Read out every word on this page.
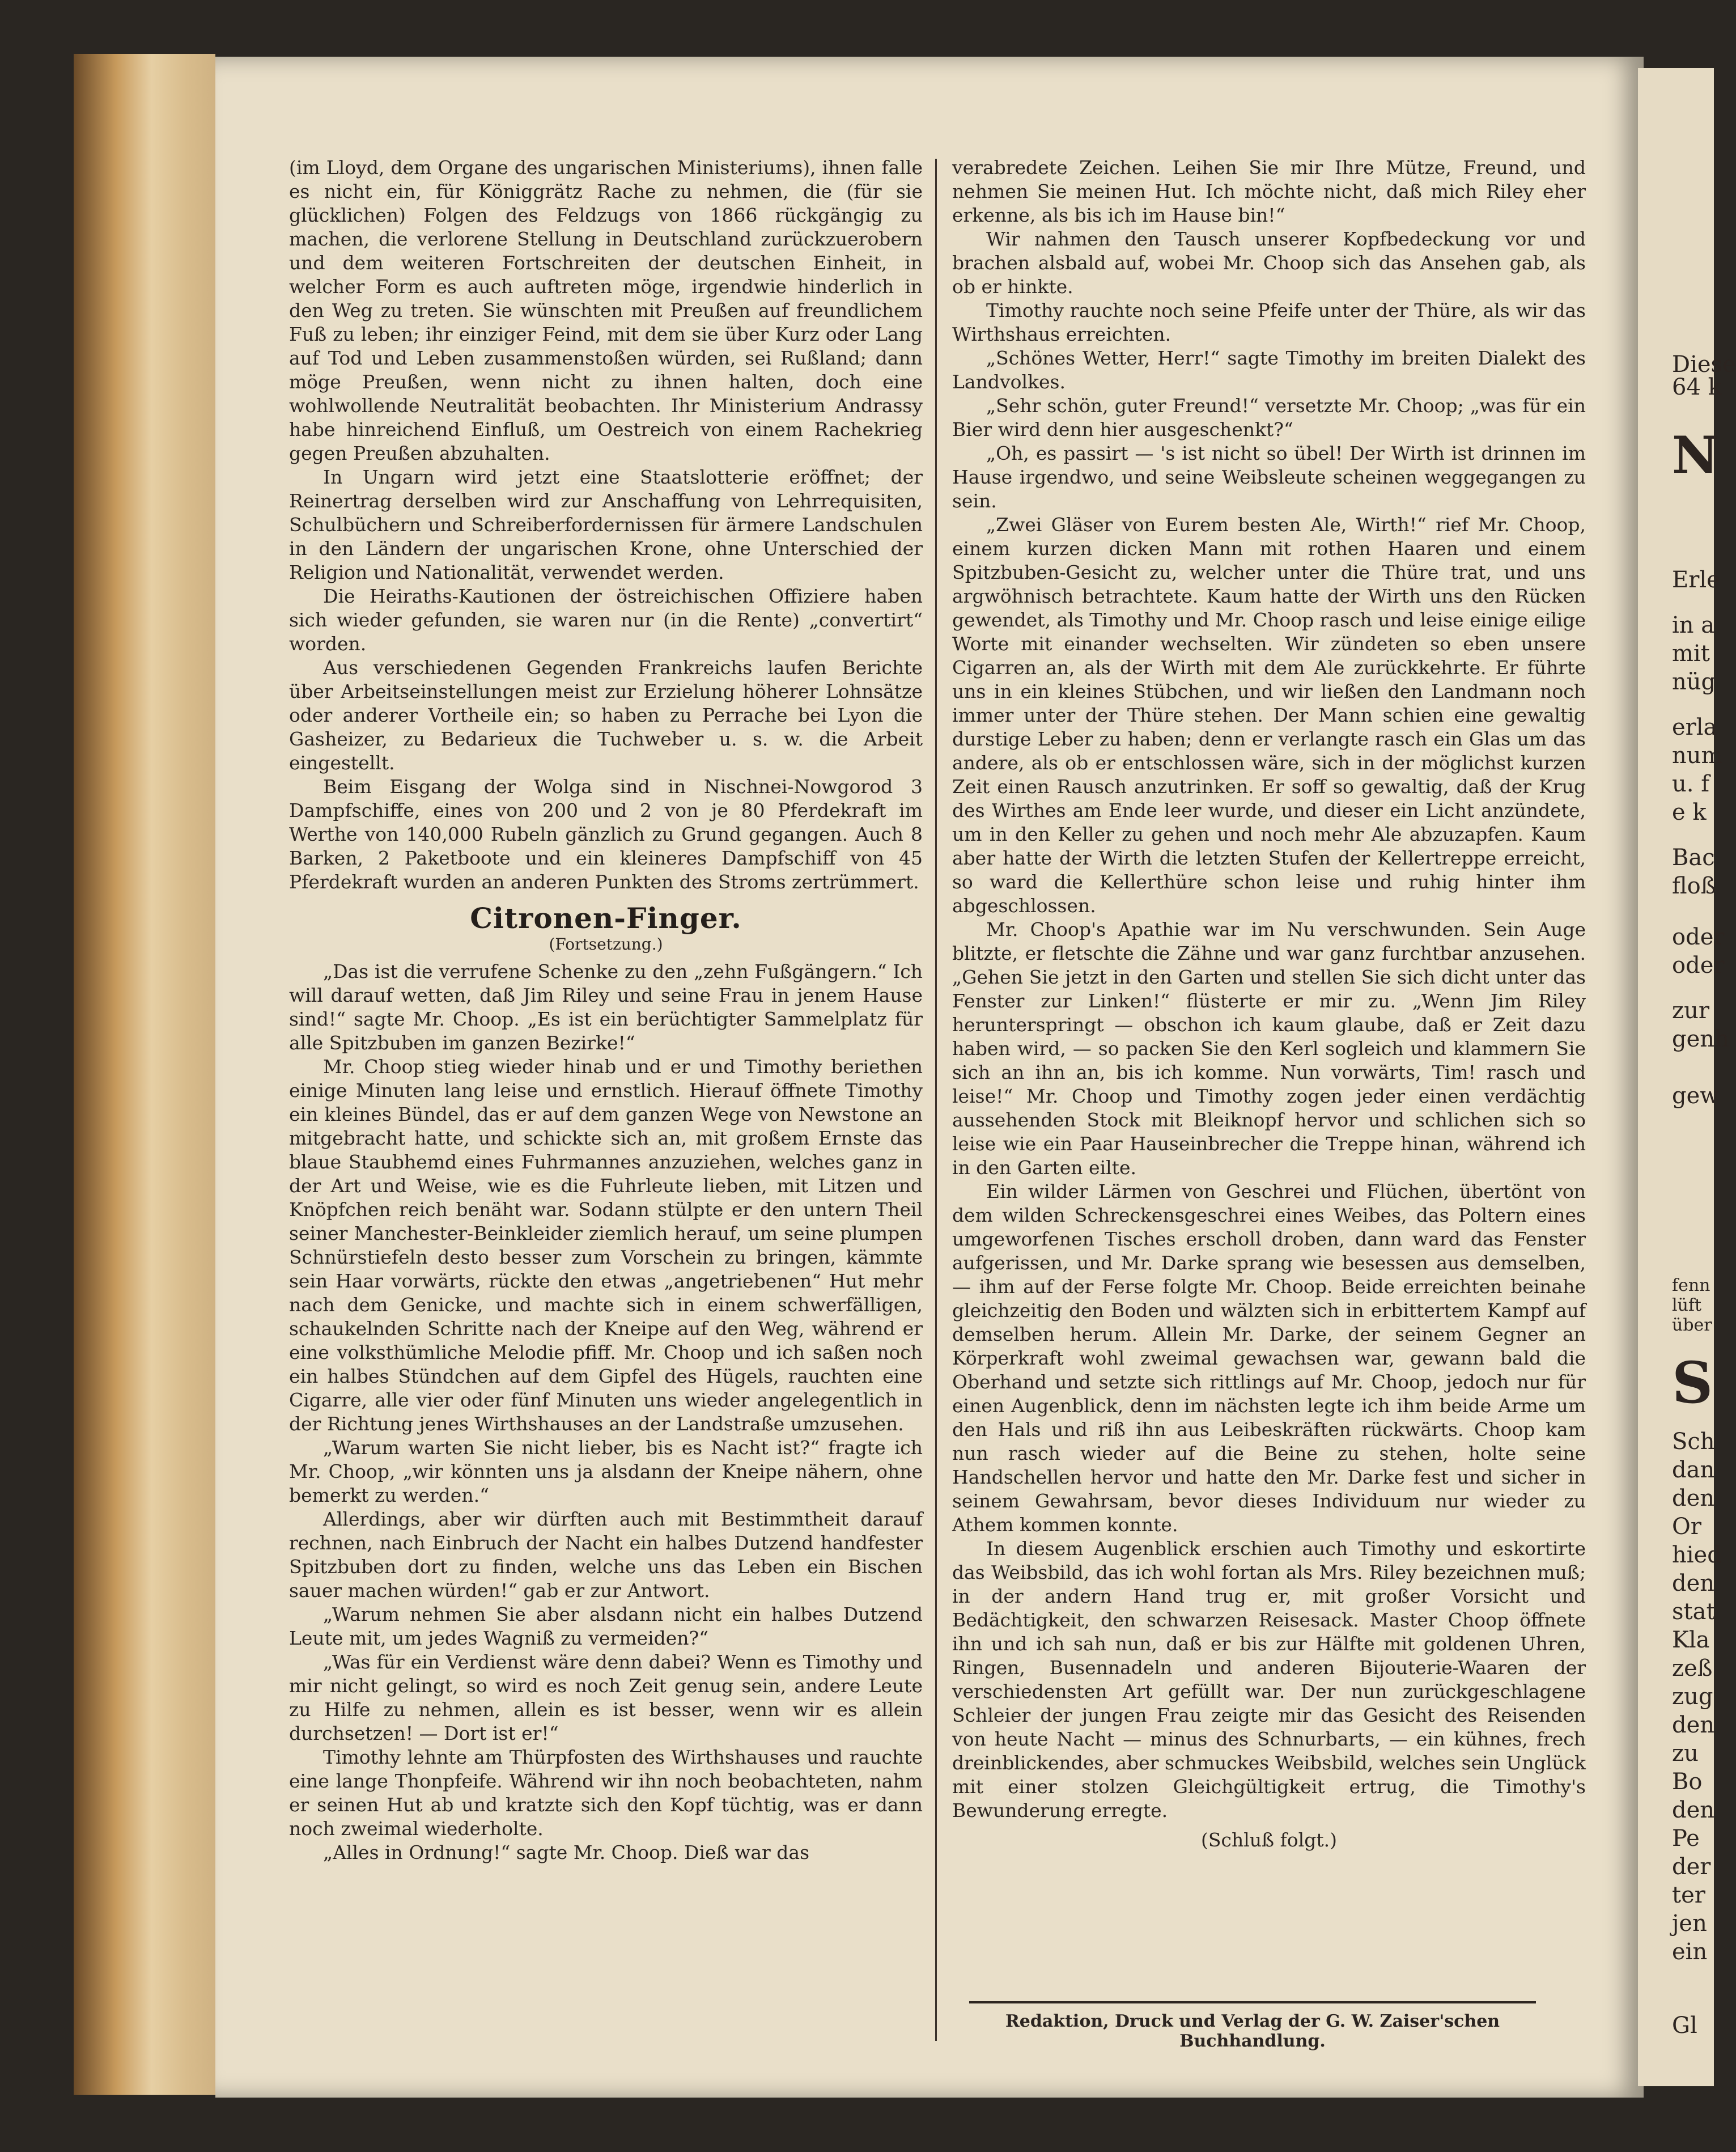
(im Lloyd, dem Organe des ungarischen Ministeriums), ihnen falle es nicht ein, für Königgrätz Rache zu nehmen, die (für sie glücklichen) Folgen des Feldzugs von 1866 rückgängig zu machen, die verlorene Stellung in Deutschland zurückzuerobern und dem weiteren Fortschreiten der deutschen Einheit, in welcher Form es auch auftreten möge, irgendwie hinderlich in den Weg zu treten. Sie wünschten mit Preußen auf freundlichem Fuß zu leben; ihr einziger Feind, mit dem sie über Kurz oder Lang auf Tod und Leben zusammenstoßen würden, sei Rußland; dann möge Preußen, wenn nicht zu ihnen halten, doch eine wohlwollende Neutralität beobachten. Ihr Ministerium Andrassy habe hinreichend Einfluß, um Oestreich von einem Rachekrieg gegen Preußen abzuhalten.

In Ungarn wird jetzt eine Staatslotterie eröffnet; der Reinertrag derselben wird zur Anschaffung von Lehrrequisiten, Schulbüchern und Schreiberfordernissen für ärmere Landschulen in den Ländern der ungarischen Krone, ohne Unterschied der Religion und Nationalität, verwendet werden.

Die Heiraths-Kautionen der östreichischen Offiziere haben sich wieder gefunden, sie waren nur (in die Rente) „convertirt“ worden.

Aus verschiedenen Gegenden Frankreichs laufen Berichte über Arbeitseinstellungen meist zur Erzielung höherer Lohnsätze oder anderer Vortheile ein; so haben zu Perrache bei Lyon die Gasheizer, zu Bedarieux die Tuchweber u. s. w. die Arbeit eingestellt.

Beim Eisgang der Wolga sind in Nischnei-Nowgorod 3 Dampfschiffe, eines von 200 und 2 von je 80 Pferdekraft im Werthe von 140,000 Rubeln gänzlich zu Grund gegangen. Auch 8 Barken, 2 Paketboote und ein kleineres Dampfschiff von 45 Pferdekraft wurden an anderen Punkten des Stroms zertrümmert.

Citronen-Finger.
(Fortsetzung.)

„Das ist die verrufene Schenke zu den „zehn Fußgängern.“ Ich will darauf wetten, daß Jim Riley und seine Frau in jenem Hause sind!“ sagte Mr. Choop. „Es ist ein berüchtigter Sammelplatz für alle Spitzbuben im ganzen Bezirke!“

Mr. Choop stieg wieder hinab und er und Timothy beriethen einige Minuten lang leise und ernstlich. Hierauf öffnete Timothy ein kleines Bündel, das er auf dem ganzen Wege von Newstone an mitgebracht hatte, und schickte sich an, mit großem Ernste das blaue Staubhemd eines Fuhrmannes anzuziehen, welches ganz in der Art und Weise, wie es die Fuhrleute lieben, mit Litzen und Knöpfchen reich benäht war. Sodann stülpte er den untern Theil seiner Manchester-Beinkleider ziemlich herauf, um seine plumpen Schnürstiefeln desto besser zum Vorschein zu bringen, kämmte sein Haar vorwärts, rückte den etwas „angetriebenen“ Hut mehr nach dem Genicke, und machte sich in einem schwerfälligen, schaukelnden Schritte nach der Kneipe auf den Weg, während er eine volksthümliche Melodie pfiff. Mr. Choop und ich saßen noch ein halbes Stündchen auf dem Gipfel des Hügels, rauchten eine Cigarre, alle vier oder fünf Minuten uns wieder angelegentlich in der Richtung jenes Wirthshauses an der Landstraße umzusehen.

„Warum warten Sie nicht lieber, bis es Nacht ist?“ fragte ich Mr. Choop, „wir könnten uns ja alsdann der Kneipe nähern, ohne bemerkt zu werden.“

Allerdings, aber wir dürften auch mit Bestimmtheit darauf rechnen, nach Einbruch der Nacht ein halbes Dutzend handfester Spitzbuben dort zu finden, welche uns das Leben ein Bischen sauer machen würden!“ gab er zur Antwort.

„Warum nehmen Sie aber alsdann nicht ein halbes Dutzend Leute mit, um jedes Wagniß zu vermeiden?“

„Was für ein Verdienst wäre denn dabei? Wenn es Timothy und mir nicht gelingt, so wird es noch Zeit genug sein, andere Leute zu Hilfe zu nehmen, allein es ist besser, wenn wir es allein durchsetzen! — Dort ist er!“

Timothy lehnte am Thürpfosten des Wirthshauses und rauchte eine lange Thonpfeife. Während wir ihn noch beobachteten, nahm er seinen Hut ab und kratzte sich den Kopf tüchtig, was er dann noch zweimal wiederholte.

„Alles in Ordnung!“ sagte Mr. Choop. Dieß war das

verabredete Zeichen. Leihen Sie mir Ihre Mütze, Freund, und nehmen Sie meinen Hut. Ich möchte nicht, daß mich Riley eher erkenne, als bis ich im Hause bin!“

Wir nahmen den Tausch unserer Kopfbedeckung vor und brachen alsbald auf, wobei Mr. Choop sich das Ansehen gab, als ob er hinkte.

Timothy rauchte noch seine Pfeife unter der Thüre, als wir das Wirthshaus erreichten.

„Schönes Wetter, Herr!“ sagte Timothy im breiten Dialekt des Landvolkes.

„Sehr schön, guter Freund!“ versetzte Mr. Choop; „was für ein Bier wird denn hier ausgeschenkt?“

„Oh, es passirt — 's ist nicht so übel! Der Wirth ist drinnen im Hause irgendwo, und seine Weibsleute scheinen weggegangen zu sein.

„Zwei Gläser von Eurem besten Ale, Wirth!“ rief Mr. Choop, einem kurzen dicken Mann mit rothen Haaren und einem Spitzbuben-Gesicht zu, welcher unter die Thüre trat, und uns argwöhnisch betrachtete. Kaum hatte der Wirth uns den Rücken gewendet, als Timothy und Mr. Choop rasch und leise einige eilige Worte mit einander wechselten. Wir zündeten so eben unsere Cigarren an, als der Wirth mit dem Ale zurückkehrte. Er führte uns in ein kleines Stübchen, und wir ließen den Landmann noch immer unter der Thüre stehen. Der Mann schien eine gewaltig durstige Leber zu haben; denn er verlangte rasch ein Glas um das andere, als ob er entschlossen wäre, sich in der möglichst kurzen Zeit einen Rausch anzutrinken. Er soff so gewaltig, daß der Krug des Wirthes am Ende leer wurde, und dieser ein Licht anzündete, um in den Keller zu gehen und noch mehr Ale abzuzapfen. Kaum aber hatte der Wirth die letzten Stufen der Kellertreppe erreicht, so ward die Kellerthüre schon leise und ruhig hinter ihm abgeschlossen.

Mr. Choop's Apathie war im Nu verschwunden. Sein Auge blitzte, er fletschte die Zähne und war ganz furchtbar anzusehen. „Gehen Sie jetzt in den Garten und stellen Sie sich dicht unter das Fenster zur Linken!“ flüsterte er mir zu. „Wenn Jim Riley herunterspringt — obschon ich kaum glaube, daß er Zeit dazu haben wird, — so packen Sie den Kerl sogleich und klammern Sie sich an ihn an, bis ich komme. Nun vorwärts, Tim! rasch und leise!“ Mr. Choop und Timothy zogen jeder einen verdächtig aussehenden Stock mit Bleiknopf hervor und schlichen sich so leise wie ein Paar Hauseinbrecher die Treppe hinan, während ich in den Garten eilte.

Ein wilder Lärmen von Geschrei und Flüchen, übertönt von dem wilden Schreckensgeschrei eines Weibes, das Poltern eines umgeworfenen Tisches erscholl droben, dann ward das Fenster aufgerissen, und Mr. Darke sprang wie besessen aus demselben, — ihm auf der Ferse folgte Mr. Choop. Beide erreichten beinahe gleichzeitig den Boden und wälzten sich in erbittertem Kampf auf demselben herum. Allein Mr. Darke, der seinem Gegner an Körperkraft wohl zweimal gewachsen war, gewann bald die Oberhand und setzte sich rittlings auf Mr. Choop, jedoch nur für einen Augenblick, denn im nächsten legte ich ihm beide Arme um den Hals und riß ihn aus Leibeskräften rückwärts. Choop kam nun rasch wieder auf die Beine zu stehen, holte seine Handschellen hervor und hatte den Mr. Darke fest und sicher in seinem Gewahrsam, bevor dieses Individuum nur wieder zu Athem kommen konnte.

In diesem Augenblick erschien auch Timothy und eskortirte das Weibsbild, das ich wohl fortan als Mrs. Riley bezeichnen muß; in der andern Hand trug er, mit großer Vorsicht und Bedächtigkeit, den schwarzen Reisesack. Master Choop öffnete ihn und ich sah nun, daß er bis zur Hälfte mit goldenen Uhren, Ringen, Busennadeln und anderen Bijouterie-Waaren der verschiedensten Art gefüllt war. Der nun zurückgeschlagene Schleier der jungen Frau zeigte mir das Gesicht des Reisenden von heute Nacht — minus des Schnurbarts, — ein kühnes, frech dreinblickendes, aber schmuckes Weibsbild, welches sein Unglück mit einer stolzen Gleichgültigkeit ertrug, die Timothy's Bewunderung erregte.

(Schluß folgt.)
Redaktion, Druck und Verlag der G. W. Zaiser'schen Buchhandlung.

Diese

64 k

N

Erle

in a

mit

nüg

erla

num

u. f

e k

Bac

floß

oder

oder

zur

genh

gew

fenn

lüft

über

S

Sch

dan

den

Or

hied

den

stat

Kla

zeß

zug

den

zu

Bo

den

Pe

der

ter

jen

ein

Gl
